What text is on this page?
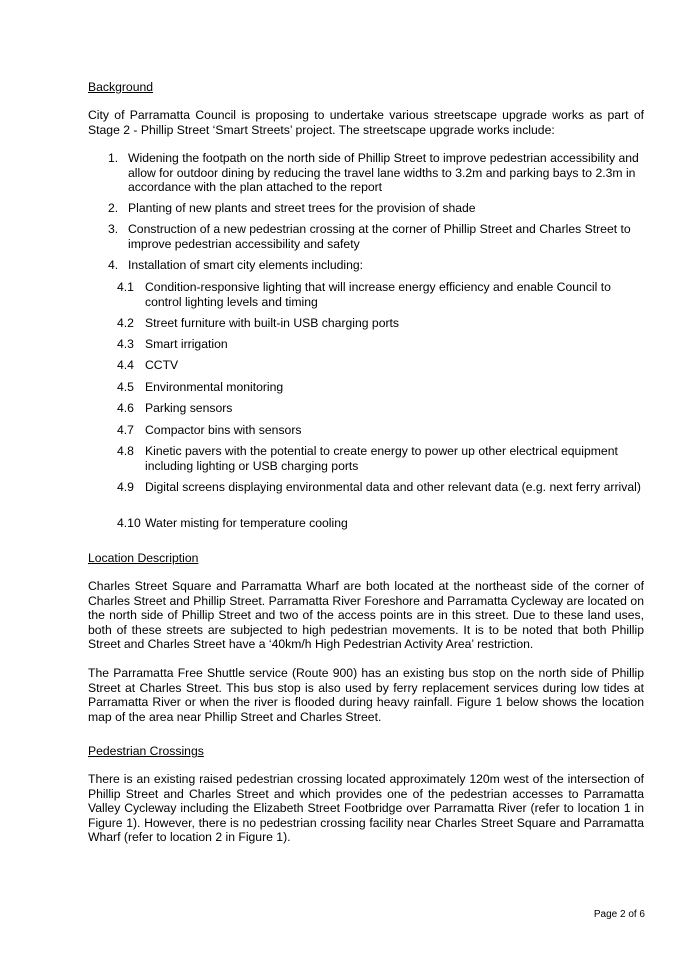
Background

City of Parramatta Council is proposing to undertake various streetscape upgrade works as part of Stage 2 - Phillip Street ‘Smart Streets’ project. The streetscape upgrade works include:

1. Widening the footpath on the north side of Phillip Street to improve pedestrian accessibility and allow for outdoor dining by reducing the travel lane widths to 3.2m and parking bays to 2.3m in accordance with the plan attached to the report
2. Planting of new plants and street trees for the provision of shade
3. Construction of a new pedestrian crossing at the corner of Phillip Street and Charles Street to improve pedestrian accessibility and safety
4. Installation of smart city elements including:
4.1 Condition-responsive lighting that will increase energy efficiency and enable Council to control lighting levels and timing
4.2 Street furniture with built-in USB charging ports
4.3 Smart irrigation
4.4 CCTV
4.5 Environmental monitoring
4.6 Parking sensors
4.7 Compactor bins with sensors
4.8 Kinetic pavers with the potential to create energy to power up other electrical equipment including lighting or USB charging ports
4.9 Digital screens displaying environmental data and other relevant data (e.g. next ferry arrival)
4.10 Water misting for temperature cooling
Location Description

Charles Street Square and Parramatta Wharf are both located at the northeast side of the corner of Charles Street and Phillip Street. Parramatta River Foreshore and Parramatta Cycleway are located on the north side of Phillip Street and two of the access points are in this street. Due to these land uses, both of these streets are subjected to high pedestrian movements. It is to be noted that both Phillip Street and Charles Street have a ‘40km/h High Pedestrian Activity Area’ restriction.

The Parramatta Free Shuttle service (Route 900) has an existing bus stop on the north side of Phillip Street at Charles Street. This bus stop is also used by ferry replacement services during low tides at Parramatta River or when the river is flooded during heavy rainfall. Figure 1 below shows the location map of the area near Phillip Street and Charles Street.

Pedestrian Crossings

There is an existing raised pedestrian crossing located approximately 120m west of the intersection of Phillip Street and Charles Street and which provides one of the pedestrian accesses to Parramatta Valley Cycleway including the Elizabeth Street Footbridge over Parramatta River (refer to location 1 in Figure 1). However, there is no pedestrian crossing facility near Charles Street Square and Parramatta Wharf (refer to location 2 in Figure 1).

Page 2 of 6
